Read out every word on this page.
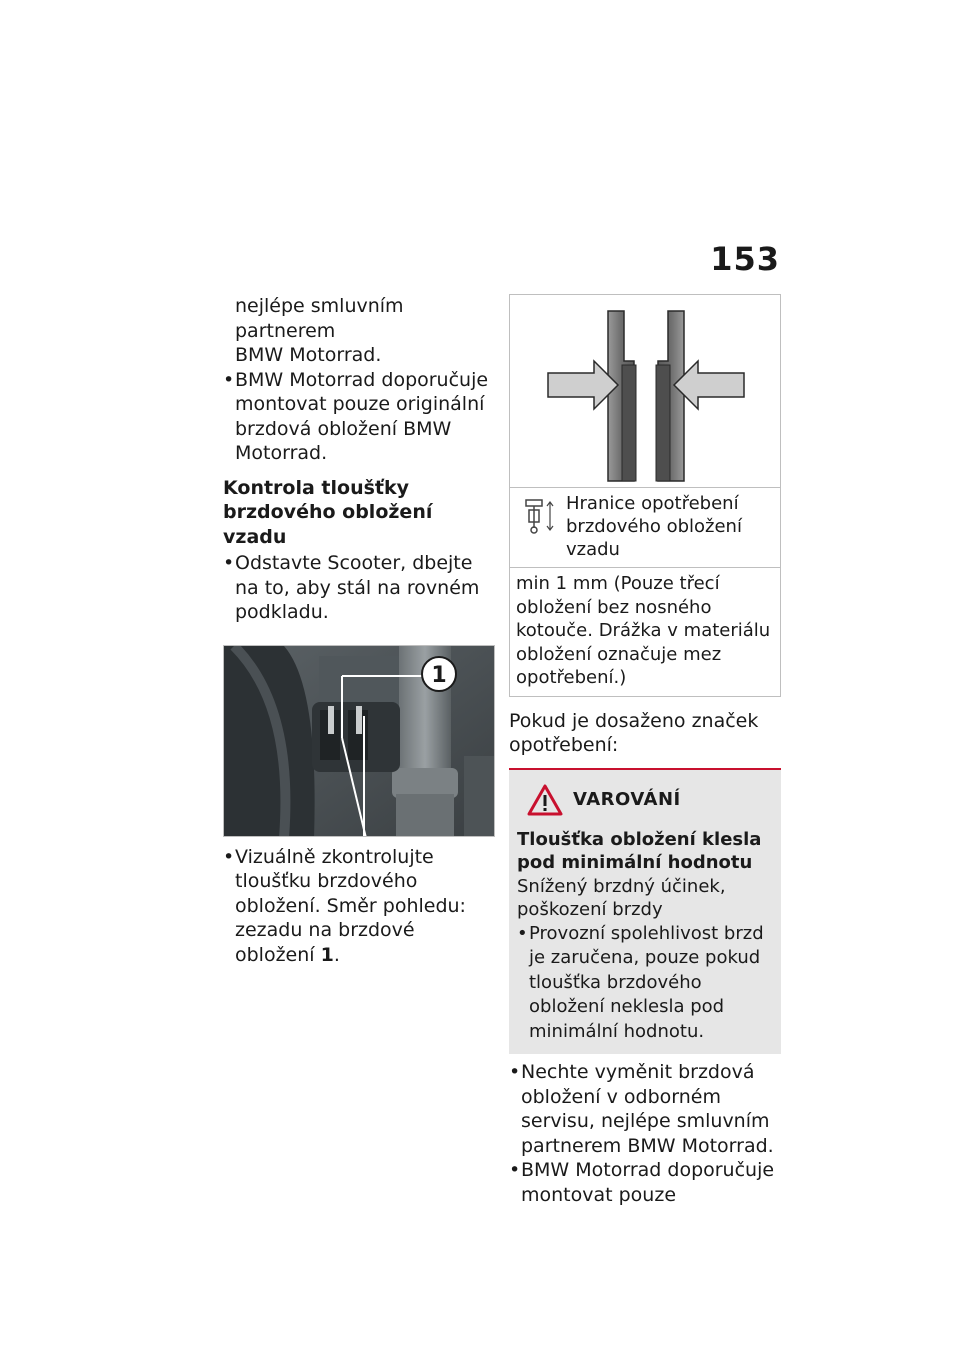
153
nejlépe smluvním partnerem
BMW Motorrad.
• BMW Motorrad doporučuje montovat pouze originální brzdová obložení BMW Motorrad.
Kontrola tloušťky brzdového obložení vzadu
• Odstavte Scooter, dbejte na to, aby stál na rovném podkladu.
1
• Vizuálně zkontrolujte tloušťku brzdového obložení. Směr pohledu: zezadu na brzdové obložení 1.
Hranice opotřebení brzdového obložení vzadu
min 1 mm (Pouze třecí obložení bez nosného kotouče. Drážka v materiálu obložení označuje mez opotřebení.)
Pokud je dosaženo značek opotřebení:
VAROVÁNÍ
Tloušťka obložení klesla pod minimální hodnotu
Snížený brzdný účinek, poškození brzdy
• Provozní spolehlivost brzd je zaručena, pouze pokud tloušťka brzdového obložení neklesla pod minimální hodnotu.
• Nechte vyměnit brzdová obložení v odborném servisu, nejlépe smluvním partnerem BMW Motorrad.
• BMW Motorrad doporučuje montovat pouze
